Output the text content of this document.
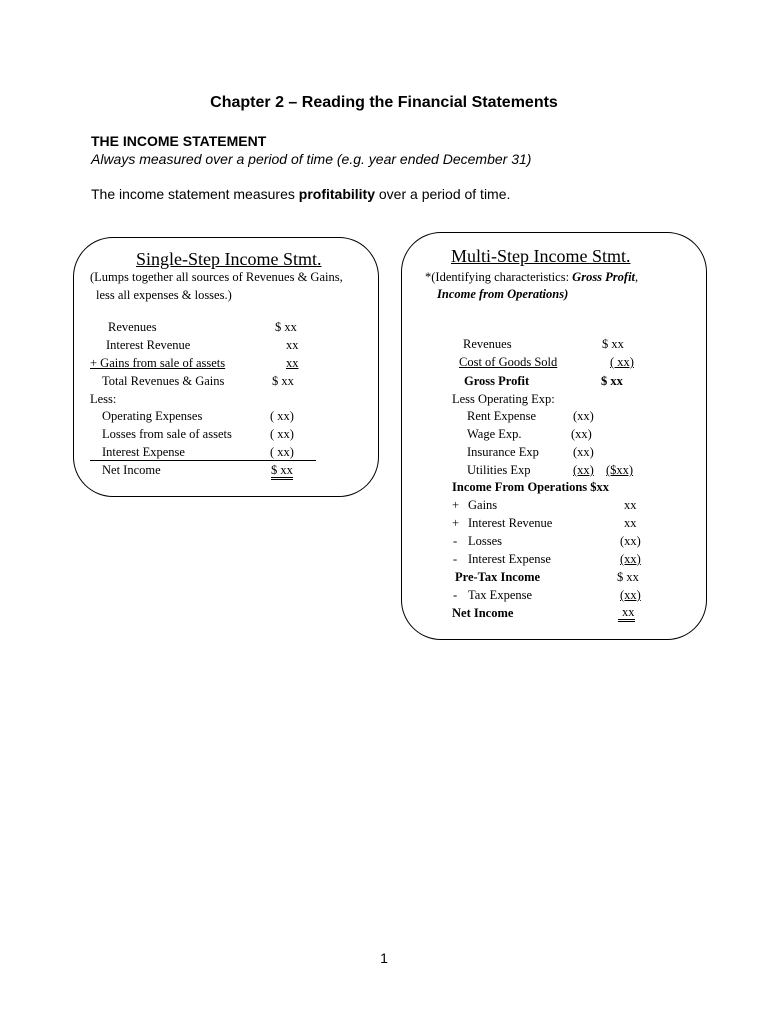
Chapter 2 – Reading the Financial Statements
THE INCOME STATEMENT
Always measured over a period of time (e.g. year ended December 31)
The income statement measures profitability over a period of time.
Single-Step Income Stmt.
(Lumps together all sources of Revenues & Gains,
less all expenses & losses.)
Revenues	$ xx
Interest Revenue	xx
+ Gains from sale of assets	xx
Total Revenues & Gains	$ xx
Less:
Operating Expenses	( xx)
Losses from sale of assets	( xx)
Interest Expense	( xx)
Net Income	$ xx
Multi-Step Income Stmt.
*(Identifying characteristics: Gross Profit,
Income from Operations)
Revenues	$ xx
Cost of Goods Sold	( xx)
Gross Profit	$ xx
Less Operating Exp:
Rent Expense	(xx)
Wage Exp.	(xx)
Insurance Exp	(xx)
Utilities Exp	(xx) ($xx)
Income From Operations $xx
+ Gains	xx
+ Interest Revenue	xx
- Losses	(xx)
- Interest Expense	(xx)
Pre-Tax Income	$ xx
- Tax Expense	(xx)
Net Income	xx
1
